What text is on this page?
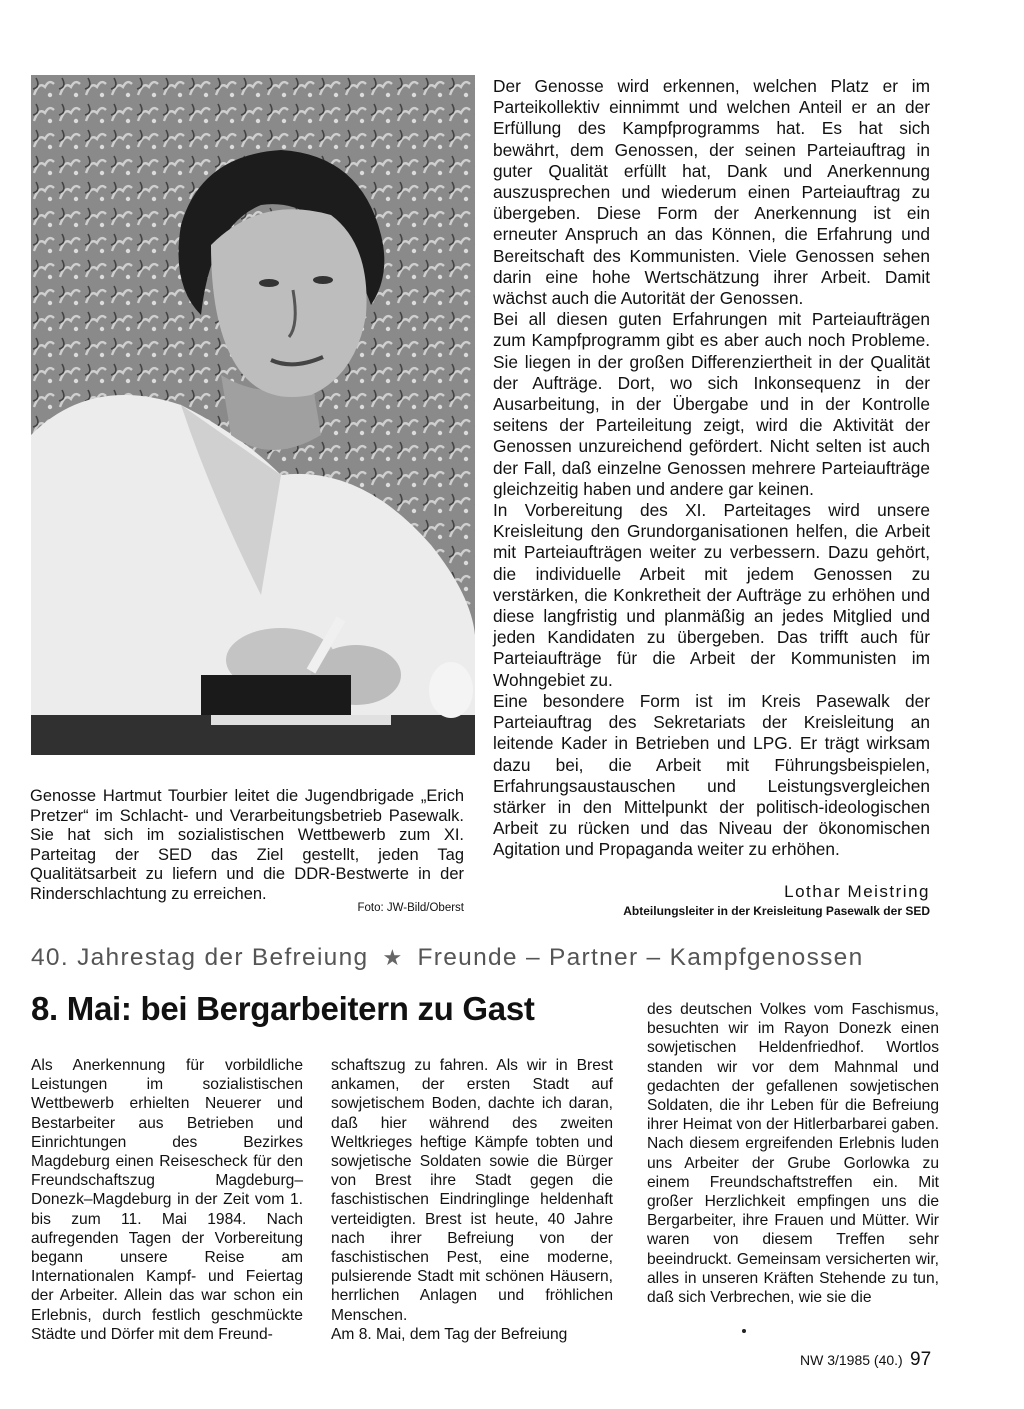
Genosse Hartmut Tourbier leitet die Jugendbrigade „Erich Pretzer“ im Schlacht- und Verarbeitungsbetrieb Pasewalk. Sie hat sich im sozialistischen Wettbewerb zum XI. Parteitag der SED das Ziel gestellt, jeden Tag Qualitätsarbeit zu liefern und die DDR-Bestwerte in der Rinderschlachtung zu erreichen.

Foto: JW-Bild/Oberst

Der Genosse wird erkennen, welchen Platz er im Parteikollektiv einnimmt und welchen Anteil er an der Erfüllung des Kampfprogramms hat. Es hat sich bewährt, dem Genossen, der seinen Parteiauftrag in guter Qualität erfüllt hat, Dank und Anerkennung auszusprechen und wiederum einen Parteiauftrag zu übergeben. Diese Form der Anerkennung ist ein erneuter Anspruch an das Können, die Erfahrung und Bereitschaft des Kommunisten. Viele Genossen sehen darin eine hohe Wertschätzung ihrer Arbeit. Damit wächst auch die Autorität der Genossen.

Bei all diesen guten Erfahrungen mit Parteiaufträgen zum Kampfprogramm gibt es aber auch noch Probleme. Sie liegen in der großen Differenziertheit in der Qualität der Aufträge. Dort, wo sich Inkonsequenz in der Ausarbeitung, in der Übergabe und in der Kontrolle seitens der Parteileitung zeigt, wird die Aktivität der Genossen unzureichend gefördert. Nicht selten ist auch der Fall, daß einzelne Genossen mehrere Parteiaufträge gleichzeitig haben und andere gar keinen.

In Vorbereitung des XI. Parteitages wird unsere Kreisleitung den Grundorganisationen helfen, die Arbeit mit Parteiaufträgen weiter zu verbessern. Dazu gehört, die individuelle Arbeit mit jedem Genossen zu verstärken, die Konkretheit der Aufträge zu erhöhen und diese langfristig und planmäßig an jedes Mitglied und jeden Kandidaten zu übergeben. Das trifft auch für Parteiaufträge für die Arbeit der Kommunisten im Wohngebiet zu.

Eine besondere Form ist im Kreis Pasewalk der Parteiauftrag des Sekretariats der Kreisleitung an leitende Kader in Betrieben und LPG. Er trägt wirksam dazu bei, die Arbeit mit Führungsbeispielen, Erfahrungsaustauschen und Leistungsvergleichen stärker in den Mittelpunkt der politisch-ideologischen Arbeit zu rücken und das Niveau der ökonomischen Agitation und Propaganda weiter zu erhöhen.

Lothar Meistring
Abteilungsleiter in der Kreisleitung Pasewalk der SED
40. Jahrestag der Befreiung ★ Freunde – Partner – Kampfgenossen
8. Mai: bei Bergarbeitern zu Gast

Als Anerkennung für vorbildliche Leistungen im sozialistischen Wettbewerb erhielten Neuerer und Bestarbeiter aus Betrieben und Einrichtungen des Bezirkes Magdeburg einen Reisescheck für den Freundschaftszug Magdeburg–Donezk–Magdeburg in der Zeit vom 1. bis zum 11. Mai 1984. Nach aufregenden Tagen der Vorbereitung begann unsere Reise am Internationalen Kampf- und Feiertag der Arbeiter. Allein das war schon ein Erlebnis, durch festlich geschmückte Städte und Dörfer mit dem Freund-

schaftszug zu fahren. Als wir in Brest ankamen, der ersten Stadt auf sowjetischem Boden, dachte ich daran, daß hier während des zweiten Weltkrieges heftige Kämpfe tobten und sowjetische Soldaten sowie die Bürger von Brest ihre Stadt gegen die faschistischen Eindringlinge heldenhaft verteidigten. Brest ist heute, 40 Jahre nach ihrer Befreiung von der faschistischen Pest, eine moderne, pulsierende Stadt mit schönen Häusern, herrlichen Anlagen und fröhlichen Menschen.

Am 8. Mai, dem Tag der Befreiung

des deutschen Volkes vom Faschismus, besuchten wir im Rayon Donezk einen sowjetischen Heldenfriedhof. Wortlos standen wir vor dem Mahnmal und gedachten der gefallenen sowjetischen Soldaten, die ihr Leben für die Befreiung ihrer Heimat von der Hitlerbarbarei gaben. Nach diesem ergreifenden Erlebnis luden uns Arbeiter der Grube Gorlowka zu einem Freundschaftstreffen ein. Mit großer Herzlichkeit empfingen uns die Bergarbeiter, ihre Frauen und Mütter. Wir waren von diesem Treffen sehr beeindruckt. Gemeinsam versicherten wir, alles in unseren Kräften Stehende zu tun, daß sich Verbrechen, wie sie die

NW 3/1985 (40.) 97
